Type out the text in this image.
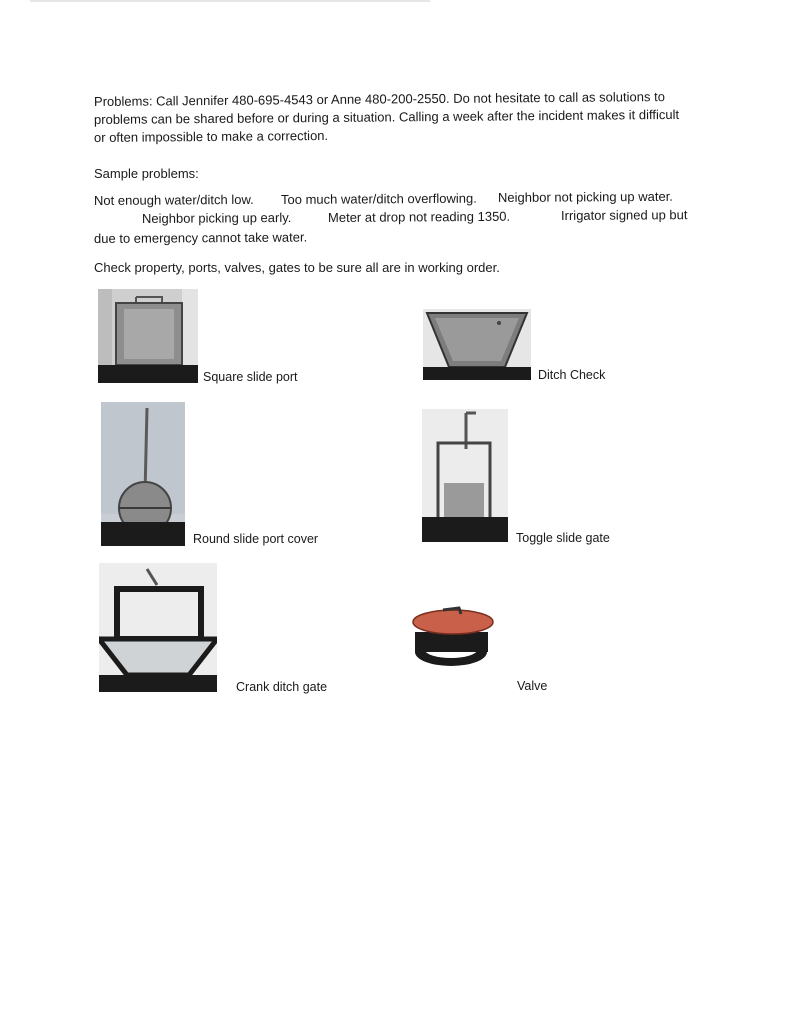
Problems: Call Jennifer 480-695-4543 or Anne 480-200-2550. Do not hesitate to call as solutions to
problems can be shared before or during a situation. Calling a week after the incident makes it difficult
or often impossible to make a correction.
Sample problems:
Not enough water/ditch low. Too much water/ditch overflowing. Neighbor not picking up water.
Neighbor picking up early.	Meter at drop not reading 1350.	Irrigator signed up but
due to emergency cannot take water.
Check property, ports, valves, gates to be sure all are in working order.
Square slide port	Ditch Check
Round slide port cover	Toggle slide gate
Crank ditch gate	Valve
